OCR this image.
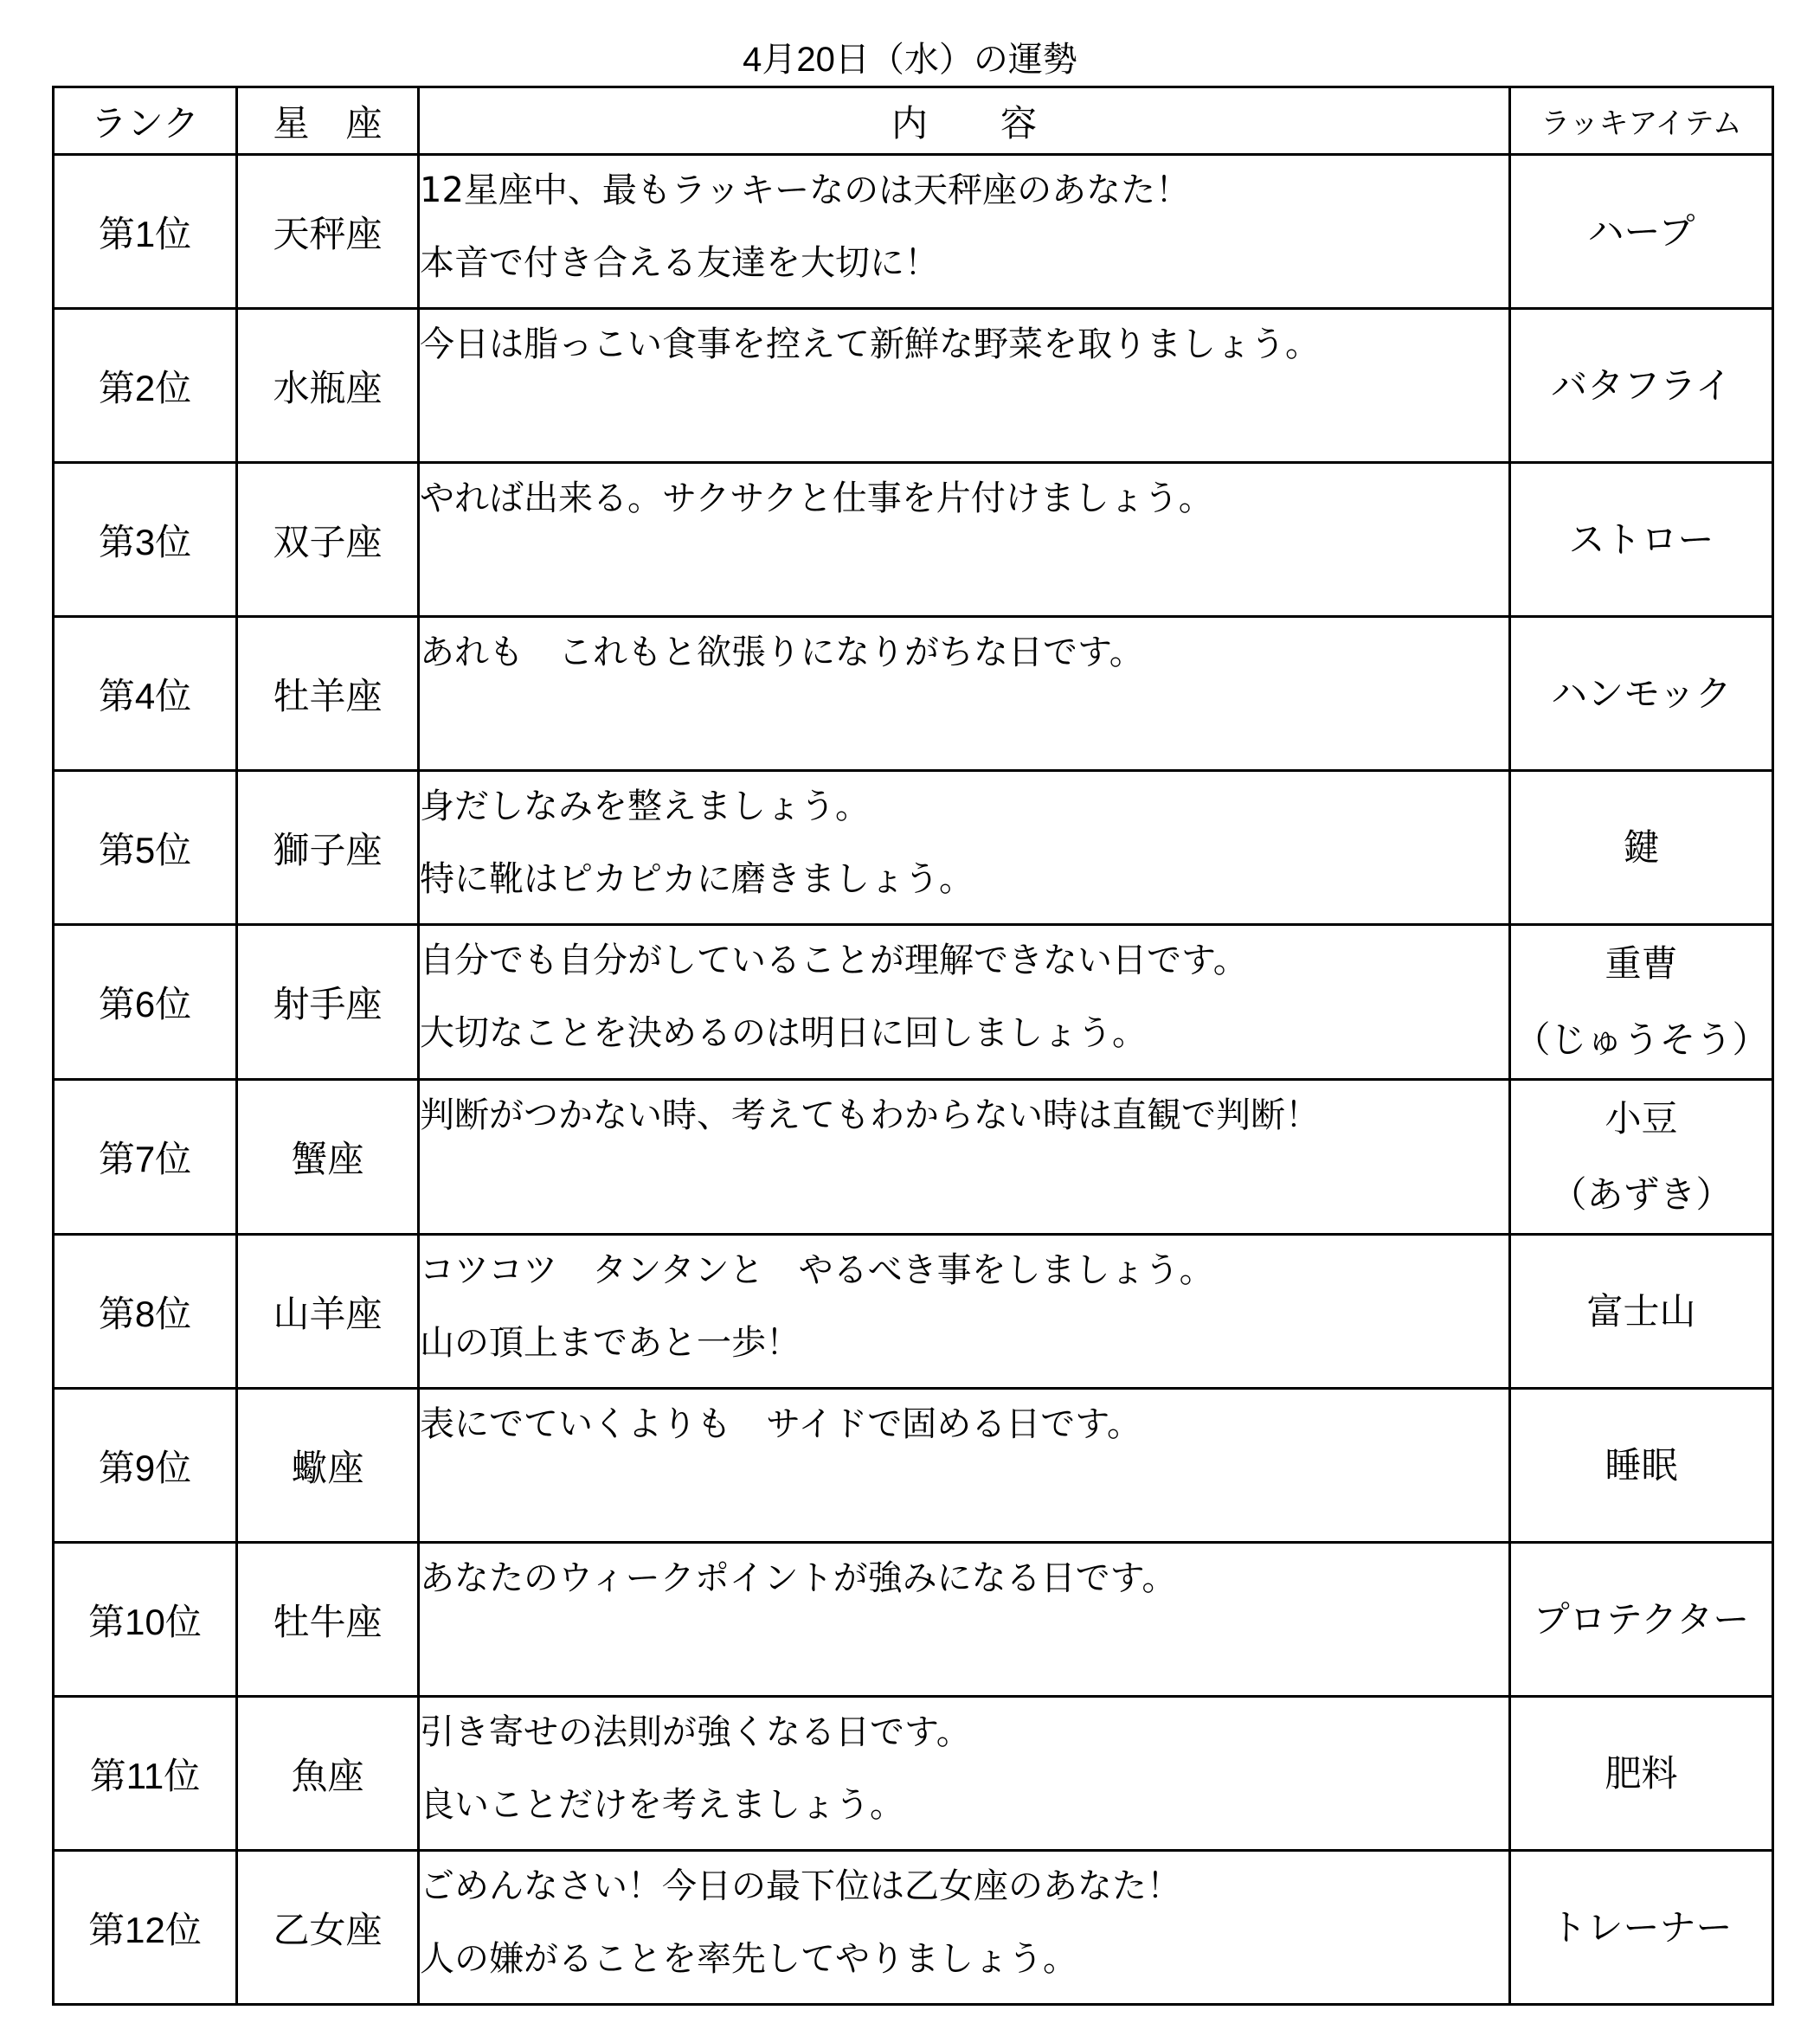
4月20日（水）の運勢
ランク	星　座	内　　容	ラッキアイテム
第1位	天秤座	12星座中、最もラッキーなのは天秤座のあなた！
本音で付き合える友達を大切に！	ハープ

第2位	水瓶座	今日は脂っこい食事を控えて新鮮な野菜を取りましょう。	バタフライ

第3位	双子座	やれば出来る。サクサクと仕事を片付けましょう。	ストロー

第4位	牡羊座	あれも　これもと欲張りになりがちな日です。	ハンモック

第5位	獅子座	身だしなみを整えましょう。
特に靴はピカピカに磨きましょう。	鍵

第6位	射手座	自分でも自分がしていることが理解できない日です。
大切なことを決めるのは明日に回しましょう。	重曹
（じゅうそう）

第7位	蟹座	判断がつかない時、考えてもわからない時は直観で判断！	小豆
（あずき）

第8位	山羊座	コツコツ　タンタンと　やるべき事をしましょう。
山の頂上まであと一歩！	富士山

第9位	蠍座	表にでていくよりも　サイドで固める日です。	睡眠

第10位	牡牛座	あなたのウィークポイントが強みになる日です。	プロテクター

第11位	魚座	引き寄せの法則が強くなる日です。
良いことだけを考えましょう。	肥料

第12位	乙女座	ごめんなさい！今日の最下位は乙女座のあなた！
人の嫌がることを率先してやりましょう。	トレーナー
